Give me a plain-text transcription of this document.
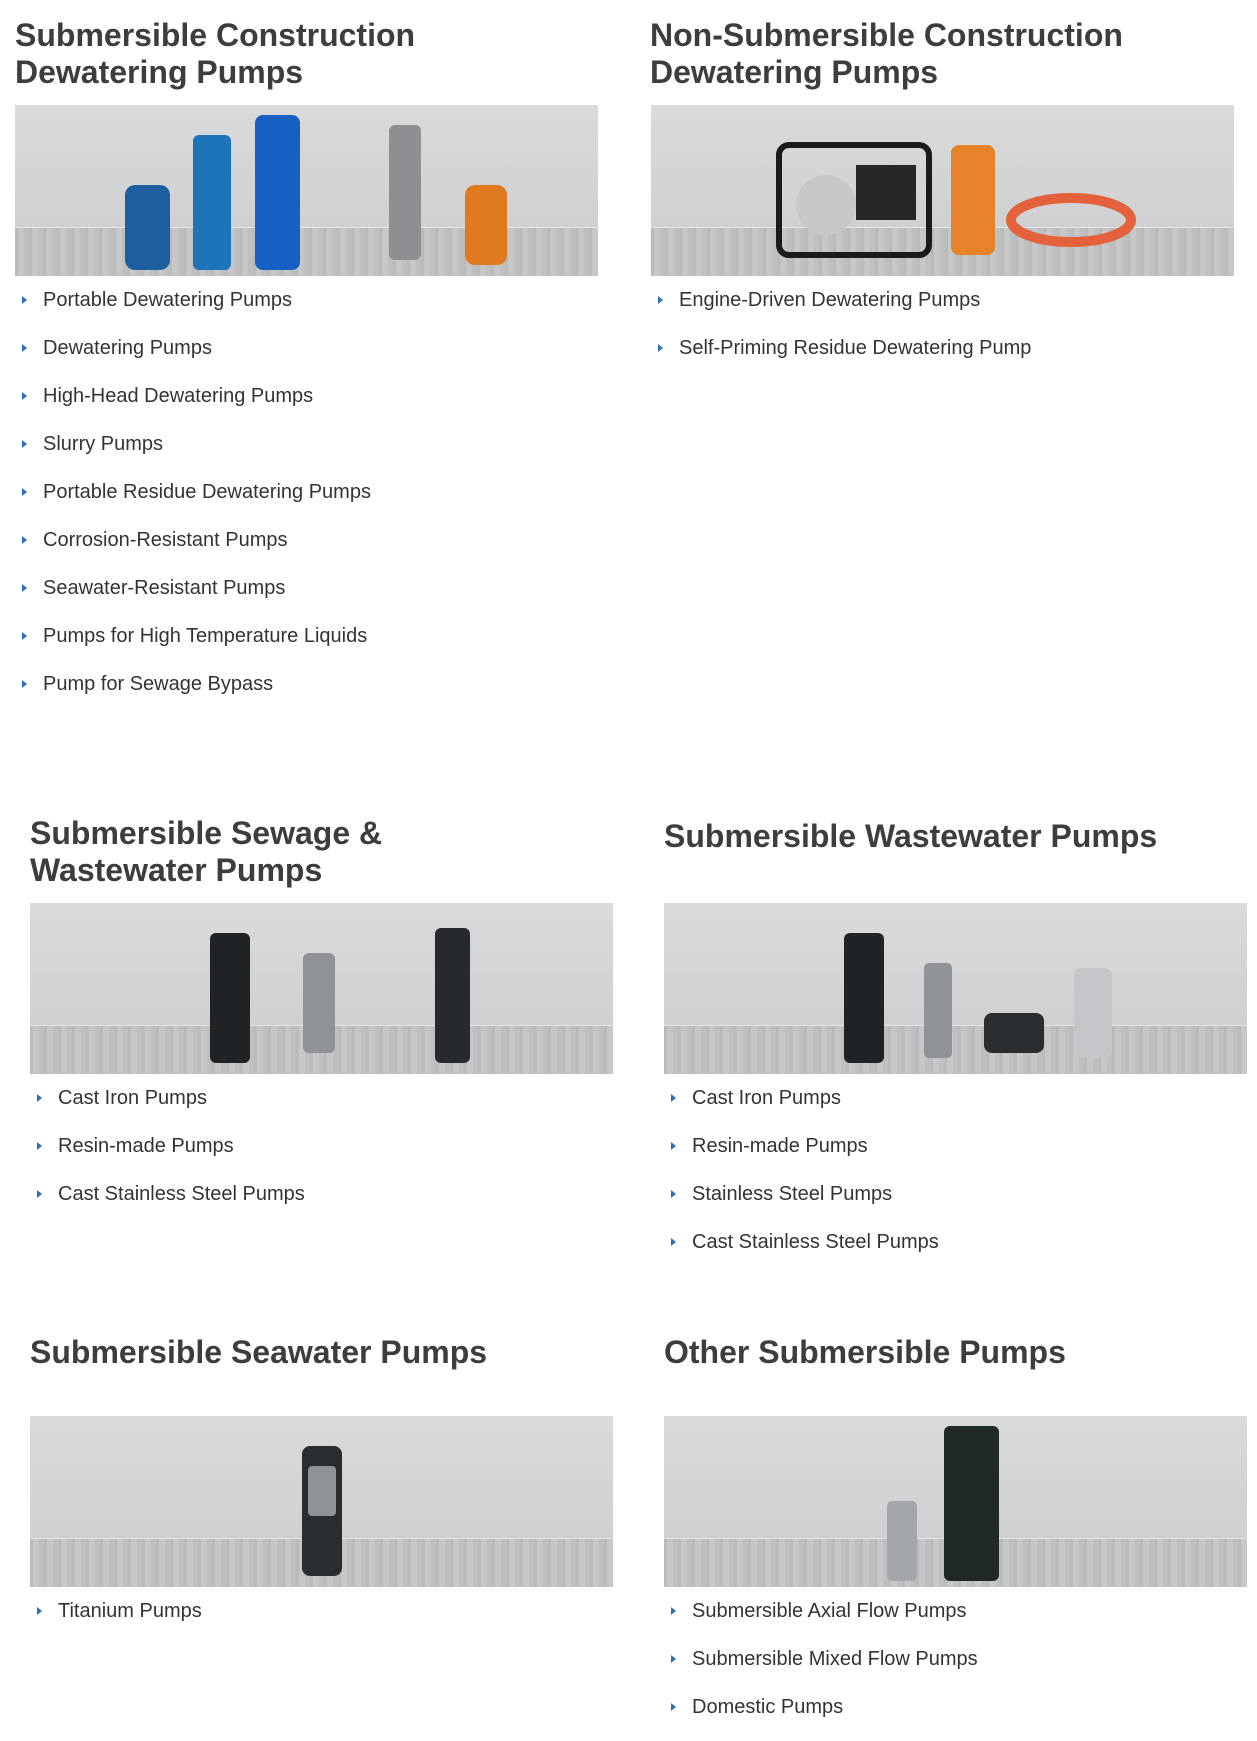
Submersible Construction
Dewatering Pumps
Portable Dewatering Pumps
Dewatering Pumps
High-Head Dewatering Pumps
Slurry Pumps
Portable Residue Dewatering Pumps
Corrosion-Resistant Pumps
Seawater-Resistant Pumps
Pumps for High Temperature Liquids
Pump for Sewage Bypass
Non-Submersible Construction
Dewatering Pumps
Engine-Driven Dewatering Pumps
Self-Priming Residue Dewatering Pump
Submersible Sewage &
Wastewater Pumps
Cast Iron Pumps
Resin-made Pumps
Cast Stainless Steel Pumps
Submersible Wastewater Pumps
Cast Iron Pumps
Resin-made Pumps
Stainless Steel Pumps
Cast Stainless Steel Pumps
Submersible Seawater Pumps
Titanium Pumps
Other Submersible Pumps
Submersible Axial Flow Pumps
Submersible Mixed Flow Pumps
Domestic Pumps
